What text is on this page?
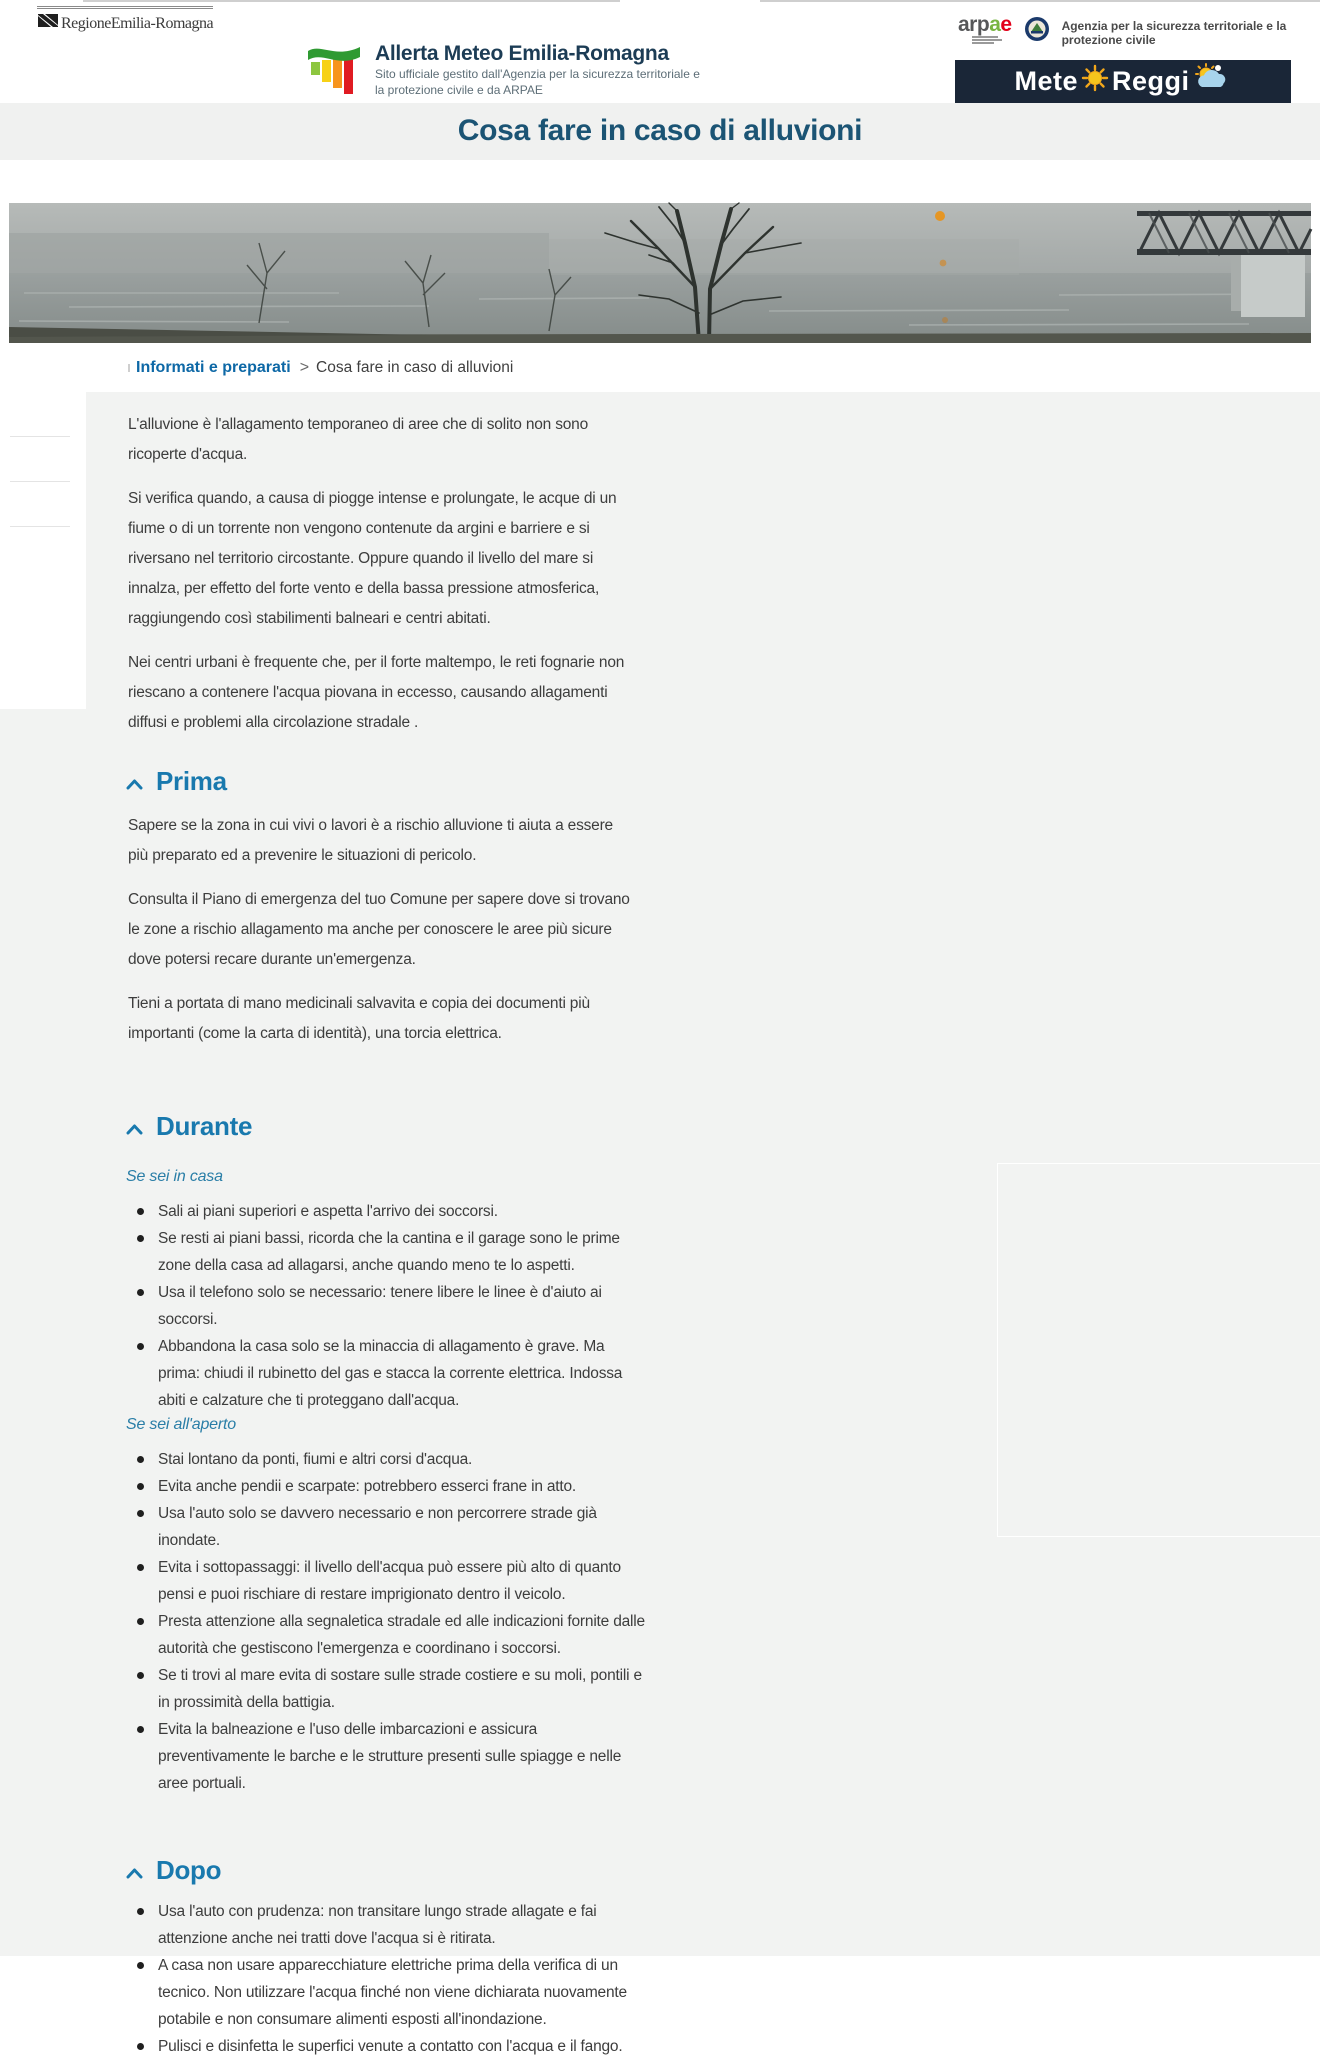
RegioneEmilia-Romagna
Allerta Meteo Emilia-Romagna
Sito ufficiale gestito dall'Agenzia per la sicurezza territoriale e
la protezione civile e da ARPAE
arpae	Agenzia per la sicurezza territoriale e la
protezione civile
Mete Reggi
Cosa fare in caso di alluvioni
Informati e preparati > Cosa fare in caso di alluvioni

L'alluvione è l'allagamento temporaneo di aree che di solito non sono ricoperte d'acqua.

Si verifica quando, a causa di piogge intense e prolungate, le acque di un fiume o di un torrente non vengono contenute da argini e barriere e si riversano nel territorio circostante. Oppure quando il livello del mare si innalza, per effetto del forte vento e della bassa pressione atmosferica, raggiungendo così stabilimenti balneari e centri abitati.

Nei centri urbani è frequente che, per il forte maltempo, le reti fognarie non riescano a contenere l'acqua piovana in eccesso, causando allagamenti diffusi e problemi alla circolazione stradale .

Prima

Sapere se la zona in cui vivi o lavori è a rischio alluvione ti aiuta a essere più preparato ed a prevenire le situazioni di pericolo.

Consulta il Piano di emergenza del tuo Comune per sapere dove si trovano le zone a rischio allagamento ma anche per conoscere le aree più sicure dove potersi recare durante un'emergenza.

Tieni a portata di mano medicinali salvavita e copia dei documenti più importanti (come la carta di identità), una torcia elettrica.

Durante
Se sei in casa
Sali ai piani superiori e aspetta l'arrivo dei soccorsi.
Se resti ai piani bassi, ricorda che la cantina e il garage sono le prime zone della casa ad allagarsi, anche quando meno te lo aspetti.
Usa il telefono solo se necessario: tenere libere le linee è d'aiuto ai soccorsi.
Abbandona la casa solo se la minaccia di allagamento è grave. Ma prima: chiudi il rubinetto del gas e stacca la corrente elettrica. Indossa abiti e calzature che ti proteggano dall'acqua.
Se sei all'aperto
Stai lontano da ponti, fiumi e altri corsi d'acqua.
Evita anche pendii e scarpate: potrebbero esserci frane in atto.
Usa l'auto solo se davvero necessario e non percorrere strade già inondate.
Evita i sottopassaggi: il livello dell'acqua può essere più alto di quanto pensi e puoi rischiare di restare imprigionato dentro il veicolo.
Presta attenzione alla segnaletica stradale ed alle indicazioni fornite dalle autorità che gestiscono l'emergenza e coordinano i soccorsi.
Se ti trovi al mare evita di sostare sulle strade costiere e su moli, pontili e in prossimità della battigia.
Evita la balneazione e l'uso delle imbarcazioni e assicura preventivamente le barche e le strutture presenti sulle spiagge e nelle aree portuali.
Dopo
Usa l'auto con prudenza: non transitare lungo strade allagate e fai attenzione anche nei tratti dove l'acqua si è ritirata.
A casa non usare apparecchiature elettriche prima della verifica di un tecnico. Non utilizzare l'acqua finché non viene dichiarata nuovamente potabile e non consumare alimenti esposti all'inondazione.
Pulisci e disinfetta le superfici venute a contatto con l'acqua e il fango.
